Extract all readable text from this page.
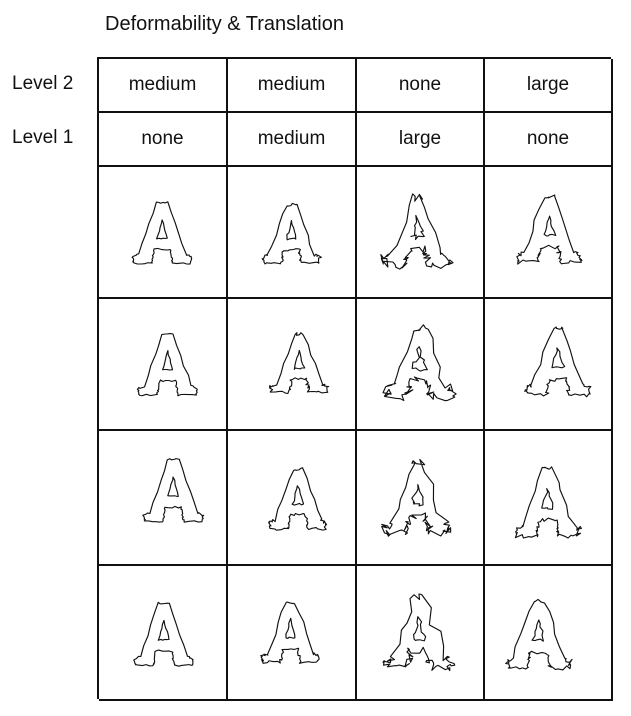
Deformability & Translation
Level 2
Level 1
medium	medium	none	large
none	medium	large	none
